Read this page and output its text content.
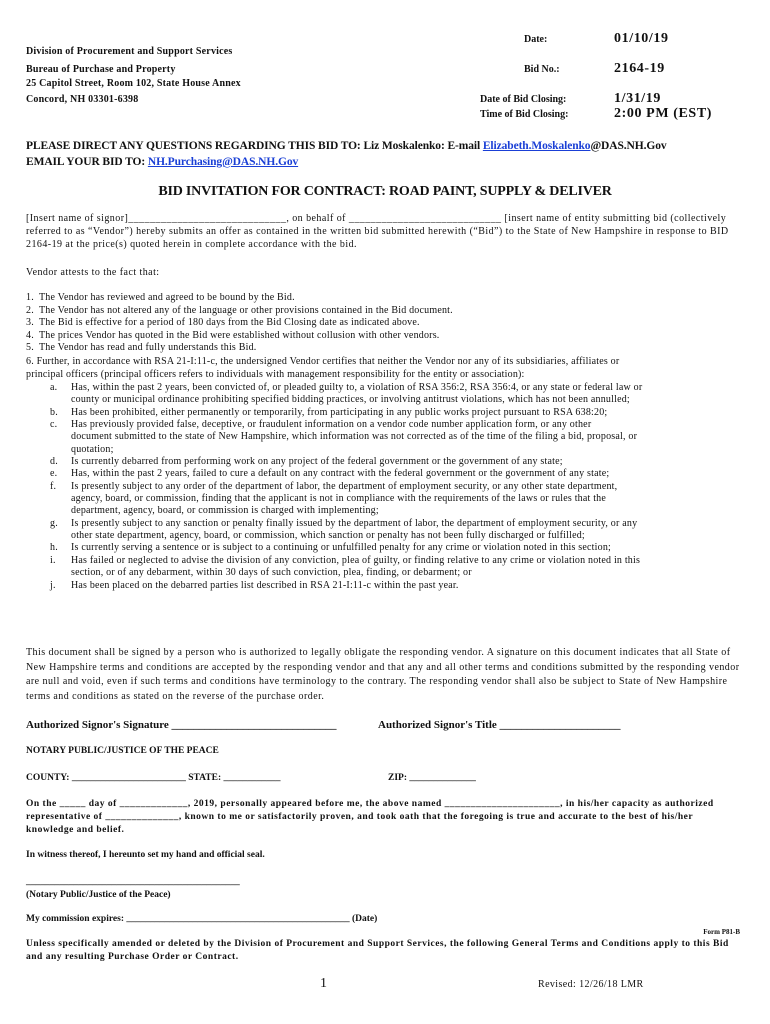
Date:	01/10/19
Bid No.:	2164-19
Date of Bid Closing:	1/31/19
Time of Bid Closing:	2:00 PM (EST)
Division of Procurement and Support Services
Bureau of Purchase and Property
25 Capitol Street, Room 102, State House Annex
Concord, NH 03301-6398
PLEASE DIRECT ANY QUESTIONS REGARDING THIS BID TO: Liz Moskalenko: E-mail Elizabeth.Moskalenko@DAS.NH.Gov
EMAIL YOUR BID TO: NH.Purchasing@DAS.NH.Gov
BID INVITATION FOR CONTRACT: ROAD PAINT, SUPPLY & DELIVER
[Insert name of signor]_____________________________, on behalf of ____________________________ [insert name of entity submitting bid (collectively referred to as “Vendor”) hereby submits an offer as contained in the written bid submitted herewith (“Bid”) to the State of New Hampshire in response to BID 2164-19 at the price(s) quoted herein in complete accordance with the bid.
Vendor attests to the fact that:
1. The Vendor has reviewed and agreed to be bound by the Bid.
2. The Vendor has not altered any of the language or other provisions contained in the Bid document.
3. The Bid is effective for a period of 180 days from the Bid Closing date as indicated above.
4. The prices Vendor has quoted in the Bid were established without collusion with other vendors.
5. The Vendor has read and fully understands this Bid.
6. Further, in accordance with RSA 21-I:11-c, the undersigned Vendor certifies that neither the Vendor nor any of its subsidiaries, affiliates or
principal officers (principal officers refers to individuals with management responsibility for the entity or association):
a. Has, within the past 2 years, been convicted of, or pleaded guilty to, a violation of RSA 356:2, RSA 356:4, or any state or federal law or
county or municipal ordinance prohibiting specified bidding practices, or involving antitrust violations, which has not been annulled;
b. Has been prohibited, either permanently or temporarily, from participating in any public works project pursuant to RSA 638:20;
c. Has previously provided false, deceptive, or fraudulent information on a vendor code number application form, or any other
document submitted to the state of New Hampshire, which information was not corrected as of the time of the filing a bid, proposal, or
quotation;
d. Is currently debarred from performing work on any project of the federal government or the government of any state;
e. Has, within the past 2 years, failed to cure a default on any contract with the federal government or the government of any state;
f. Is presently subject to any order of the department of labor, the department of employment security, or any other state department,
agency, board, or commission, finding that the applicant is not in compliance with the requirements of the laws or rules that the
department, agency, board, or commission is charged with implementing;
g. Is presently subject to any sanction or penalty finally issued by the department of labor, the department of employment security, or any
other state department, agency, board, or commission, which sanction or penalty has not been fully discharged or fulfilled;
h. Is currently serving a sentence or is subject to a continuing or unfulfilled penalty for any crime or violation noted in this section;
i. Has failed or neglected to advise the division of any conviction, plea of guilty, or finding relative to any crime or violation noted in this
section, or of any debarment, within 30 days of such conviction, plea, finding, or debarment; or
j. Has been placed on the debarred parties list described in RSA 21-I:11-c within the past year.
This document shall be signed by a person who is authorized to legally obligate the responding vendor. A signature on this document indicates that all State of New Hampshire terms and conditions are accepted by the responding vendor and that any and all other terms and conditions submitted by the responding vendor are null and void, even if such terms and conditions have terminology to the contrary. The responding vendor shall also be subject to State of New Hampshire terms and conditions as stated on the reverse of the purchase order.
Authorized Signor's Signature ______________________________	Authorized Signor's Title ______________________
NOTARY PUBLIC/JUSTICE OF THE PEACE
COUNTY: ________________________ STATE: ____________	ZIP: ______________
On the _____ day of _____________, 2019, personally appeared before me, the above named ______________________, in his/her capacity as authorized representative of ______________, known to me or satisfactorily proven, and took oath that the foregoing is true and accurate to the best of his/her knowledge and belief.
In witness thereof, I hereunto set my hand and official seal.
_____________________________________________
(Notary Public/Justice of the Peace)
My commission expires: _______________________________________________ (Date)
Form P81-B
Unless specifically amended or deleted by the Division of Procurement and Support Services, the following General Terms and Conditions apply to this Bid and any resulting Purchase Order or Contract.
1	Revised: 12/26/18 LMR
